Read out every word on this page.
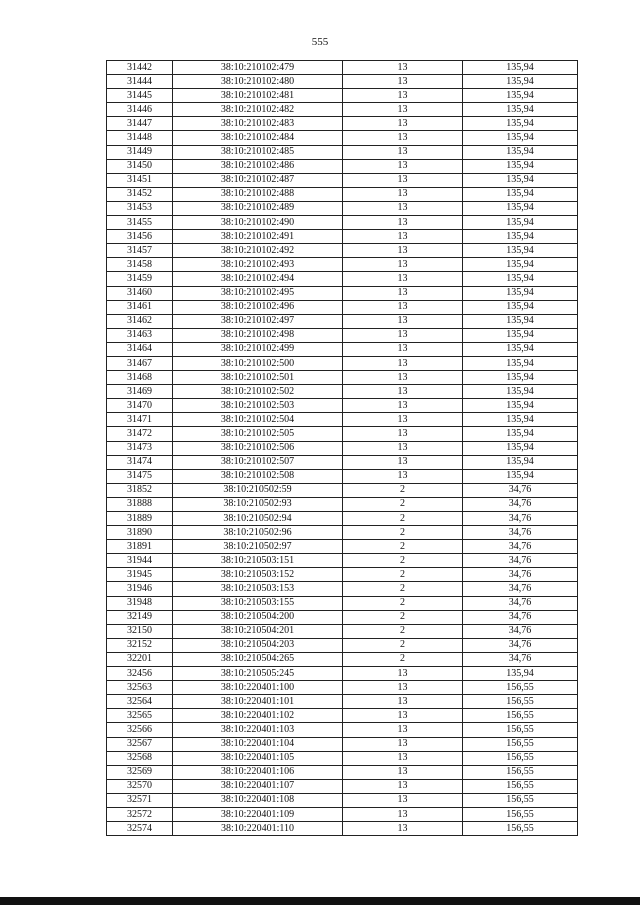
555
31442	38:10:210102:479	13	135,94
31444	38:10:210102:480	13	135,94
31445	38:10:210102:481	13	135,94
31446	38:10:210102:482	13	135,94
31447	38:10:210102:483	13	135,94
31448	38:10:210102:484	13	135,94
31449	38:10:210102:485	13	135,94
31450	38:10:210102:486	13	135,94
31451	38:10:210102:487	13	135,94
31452	38:10:210102:488	13	135,94
31453	38:10:210102:489	13	135,94
31455	38:10:210102:490	13	135,94
31456	38:10:210102:491	13	135,94
31457	38:10:210102:492	13	135,94
31458	38:10:210102:493	13	135,94
31459	38:10:210102:494	13	135,94
31460	38:10:210102:495	13	135,94
31461	38:10:210102:496	13	135,94
31462	38:10:210102:497	13	135,94
31463	38:10:210102:498	13	135,94
31464	38:10:210102:499	13	135,94
31467	38:10:210102:500	13	135,94
31468	38:10:210102:501	13	135,94
31469	38:10:210102:502	13	135,94
31470	38:10:210102:503	13	135,94
31471	38:10:210102:504	13	135,94
31472	38:10:210102:505	13	135,94
31473	38:10:210102:506	13	135,94
31474	38:10:210102:507	13	135,94
31475	38:10:210102:508	13	135,94
31852	38:10:210502:59	2	34,76
31888	38:10:210502:93	2	34,76
31889	38:10:210502:94	2	34,76
31890	38:10:210502:96	2	34,76
31891	38:10:210502:97	2	34,76
31944	38:10:210503:151	2	34,76
31945	38:10:210503:152	2	34,76
31946	38:10:210503:153	2	34,76
31948	38:10:210503:155	2	34,76
32149	38:10:210504:200	2	34,76
32150	38:10:210504:201	2	34,76
32152	38:10:210504:203	2	34,76
32201	38:10:210504:265	2	34,76
32456	38:10:210505:245	13	135,94
32563	38:10:220401:100	13	156,55
32564	38:10:220401:101	13	156,55
32565	38:10:220401:102	13	156,55
32566	38:10:220401:103	13	156,55
32567	38:10:220401:104	13	156,55
32568	38:10:220401:105	13	156,55
32569	38:10:220401:106	13	156,55
32570	38:10:220401:107	13	156,55
32571	38:10:220401:108	13	156,55
32572	38:10:220401:109	13	156,55
32574	38:10:220401:110	13	156,55
